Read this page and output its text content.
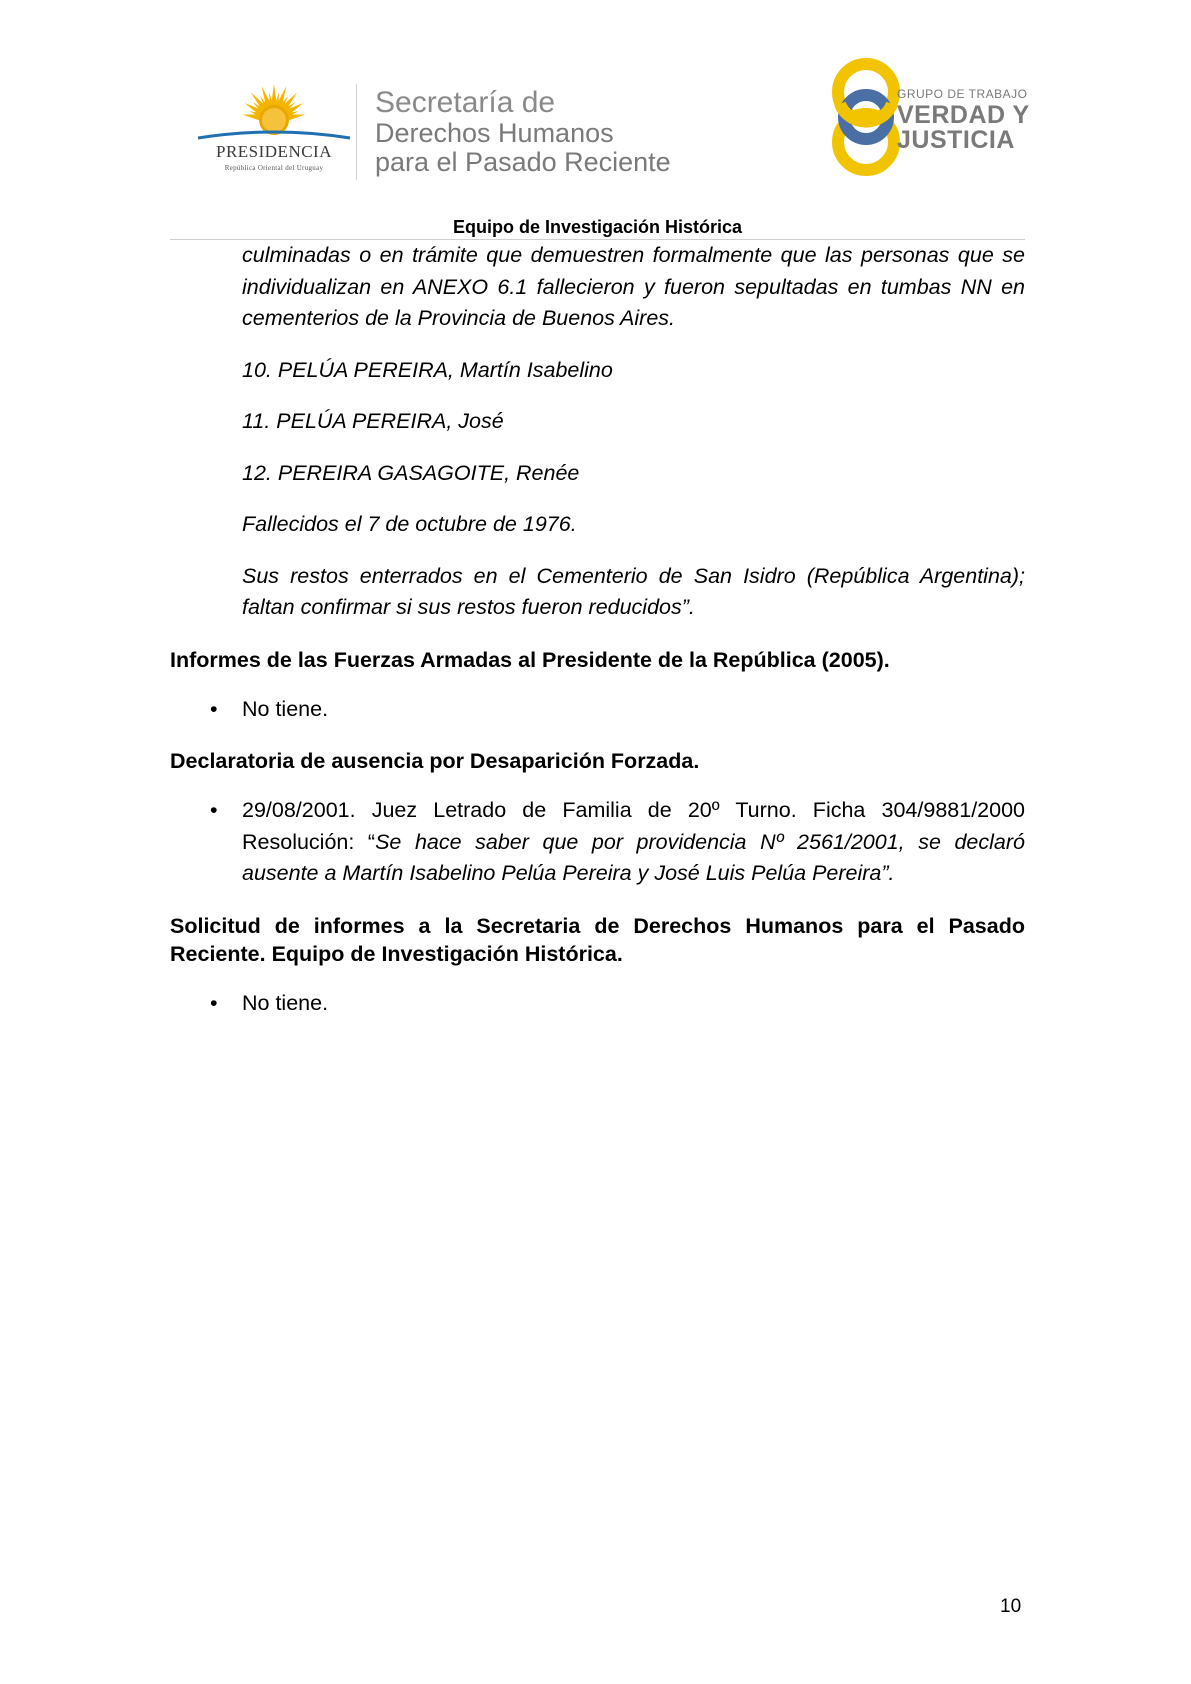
PRESIDENCIA
República Oriental del Uruguay
Secretaría de
Derechos Humanos
para el Pasado Reciente
GRUPO DE TRABAJO
VERDAD Y
JUSTICIA
Equipo de Investigación Histórica

culminadas o en trámite que demuestren formalmente que las personas que se individualizan en ANEXO 6.1 fallecieron y fueron sepultadas en tumbas NN en cementerios de la Provincia de Buenos Aires.

10. PELÚA PEREIRA, Martín Isabelino

11. PELÚA PEREIRA, José

12. PEREIRA GASAGOITE, Renée

Fallecidos el 7 de octubre de 1976.

Sus restos enterrados en el Cementerio de San Isidro (República Argentina); faltan confirmar si sus restos fueron reducidos”.

Informes de las Fuerzas Armadas al Presidente de la República (2005).
• No tiene.
Declaratoria de ausencia por Desaparición Forzada.
• 29/08/2001. Juez Letrado de Familia de 20º Turno. Ficha 304/9881/2000 Resolución: “Se hace saber que por providencia Nº 2561/2001, se declaró ausente a Martín Isabelino Pelúa Pereira y José Luis Pelúa Pereira”.
Solicitud de informes a la Secretaria de Derechos Humanos para el Pasado Reciente. Equipo de Investigación Histórica.
• No tiene.
10
